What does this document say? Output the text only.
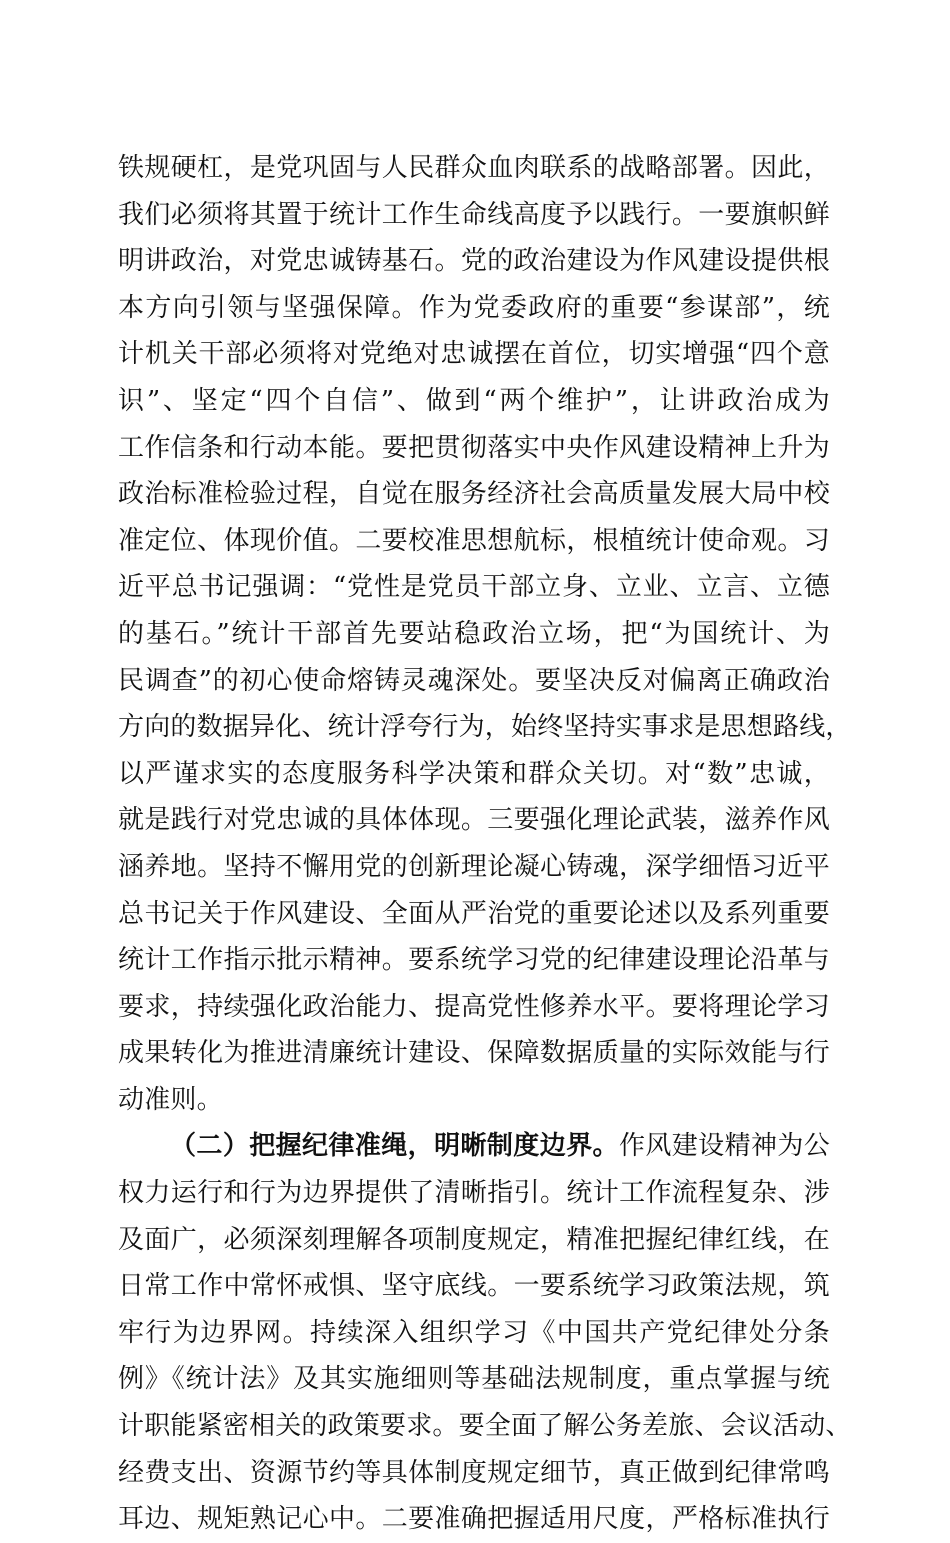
铁规硬杠，是党巩固与人民群众血肉联系的战略部署。因此，
我们必须将其置于统计工作生命线高度予以践行。一要旗帜鲜
明讲政治，对党忠诚铸基石。党的政治建设为作风建设提供根
本方向引领与坚强保障。作为党委政府的重要“参谋部”，统
计机关干部必须将对党绝对忠诚摆在首位，切实增强“四个意
识”、坚定“四个自信”、做到“两个维护”，让讲政治成为
工作信条和行动本能。要把贯彻落实中央作风建设精神上升为
政治标准检验过程，自觉在服务经济社会高质量发展大局中校
准定位、体现价值。二要校准思想航标，根植统计使命观。习
近平总书记强调：“党性是党员干部立身、立业、立言、立德
的基石。”统计干部首先要站稳政治立场，把“为国统计、为
民调查”的初心使命熔铸灵魂深处。要坚决反对偏离正确政治
方向的数据异化、统计浮夸行为，始终坚持实事求是思想路线，
以严谨求实的态度服务科学决策和群众关切。对“数”忠诚，
就是践行对党忠诚的具体体现。三要强化理论武装，滋养作风
涵养地。坚持不懈用党的创新理论凝心铸魂，深学细悟习近平
总书记关于作风建设、全面从严治党的重要论述以及系列重要
统计工作指示批示精神。要系统学习党的纪律建设理论沿革与
要求，持续强化政治能力、提高党性修养水平。要将理论学习
成果转化为推进清廉统计建设、保障数据质量的实际效能与行
动准则。
（二）把握纪律准绳，明晰制度边界。作风建设精神为公
权力运行和行为边界提供了清晰指引。统计工作流程复杂、涉
及面广，必须深刻理解各项制度规定，精准把握纪律红线，在
日常工作中常怀戒惧、坚守底线。一要系统学习政策法规，筑
牢行为边界网。持续深入组织学习《中国共产党纪律处分条
例》《统计法》及其实施细则等基础法规制度，重点掌握与统
计职能紧密相关的政策要求。要全面了解公务差旅、会议活动、
经费支出、资源节约等具体制度规定细节，真正做到纪律常鸣
耳边、规矩熟记心中。二要准确把握适用尺度，严格标准执行
